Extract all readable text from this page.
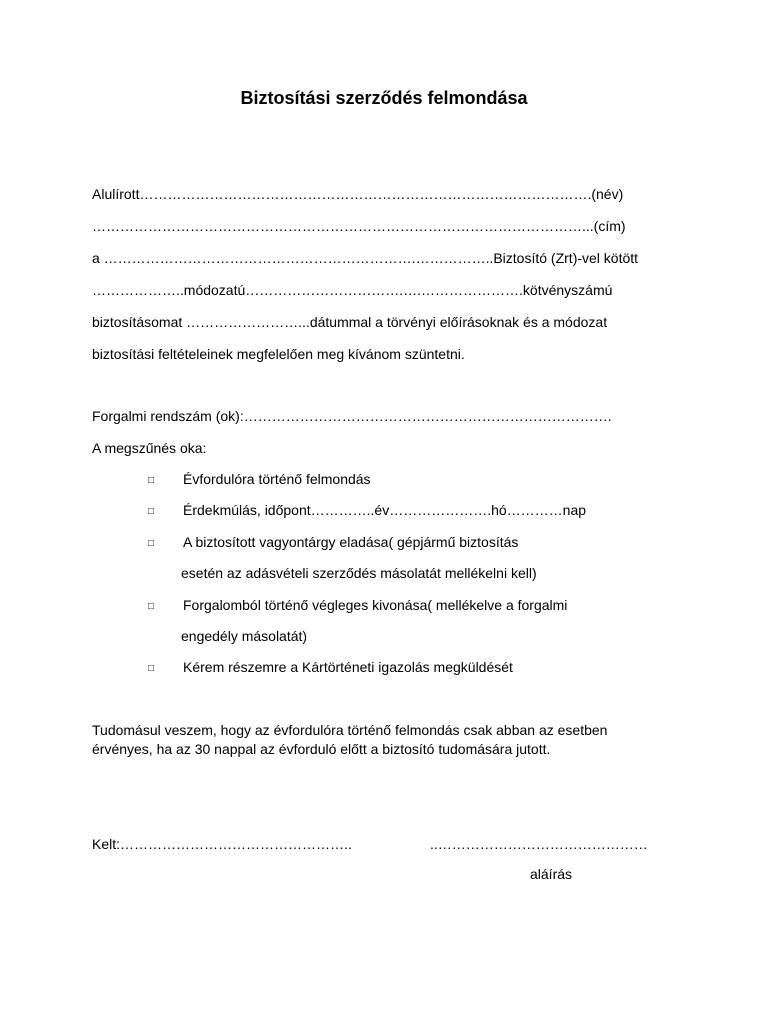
Biztosítási szerződés felmondása
Alulírott…………………………………………………………………………………….(név)
……………………………………………………………………………………………...(cím)
a ………………………………………………………….……………..Biztosító (Zrt)-vel kötött
………………..módozatú…………………………….….………………….kötvényszámú
biztosításomat ……………………...dátummal a törvényi előírásoknak és a módozat
biztosítási feltételeinek megfelelően meg kívánom szüntetni.
Forgalmi rendszám (ok):…………………………………………………………………….
A megszűnés oka:
□ Évfordulóra történő felmondás
□ Érdekmúlás, időpont…………..év………………….hó…………nap
□ A biztosított vagyontárgy eladása( gépjármű biztosítás
esetén az adásvételi szerződés másolatát mellékelni kell)
□ Forgalomból történő végleges kivonása( mellékelve a forgalmi
engedély másolatát)
□ Kérem részemre a Kártörténeti igazolás megküldését
Tudomásul veszem, hogy az évfordulóra történő felmondás csak abban az esetben
érvényes, ha az 30 nappal az évforduló előtt a biztosító tudomására jutott.
Kelt:…………………………………………..	..………………………………………
aláírás
